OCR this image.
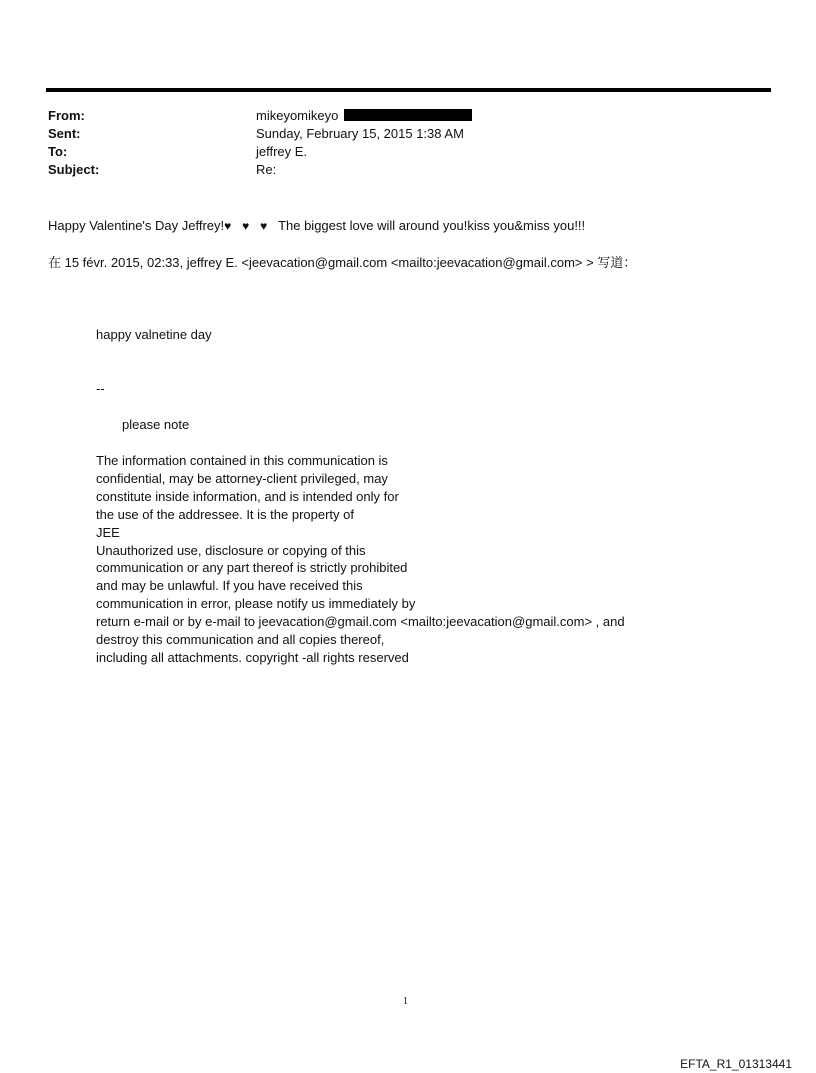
From:	mikeyomikeyo
Sent:	Sunday, February 15, 2015 1:38 AM
To:	jeffrey E.
Subject:	Re:
Happy Valentine's Day Jeffrey!♥ ♥ ♥ The biggest love will around you!kiss you&miss you!!!
在 15 févr. 2015, 02:33, jeffrey E. <jeevacation@gmail.com <mailto:jeevacation@gmail.com> > 写道：
happy valnetine day
--
please note
The information contained in this communication is
confidential, may be attorney-client privileged, may
constitute inside information, and is intended only for
the use of the addressee. It is the property of
JEE
Unauthorized use, disclosure or copying of this
communication or any part thereof is strictly prohibited
and may be unlawful. If you have received this
communication in error, please notify us immediately by
return e-mail or by e-mail to jeevacation@gmail.com <mailto:jeevacation@gmail.com> , and
destroy this communication and all copies thereof,
including all attachments. copyright -all rights reserved
1
EFTA_R1_01313441
